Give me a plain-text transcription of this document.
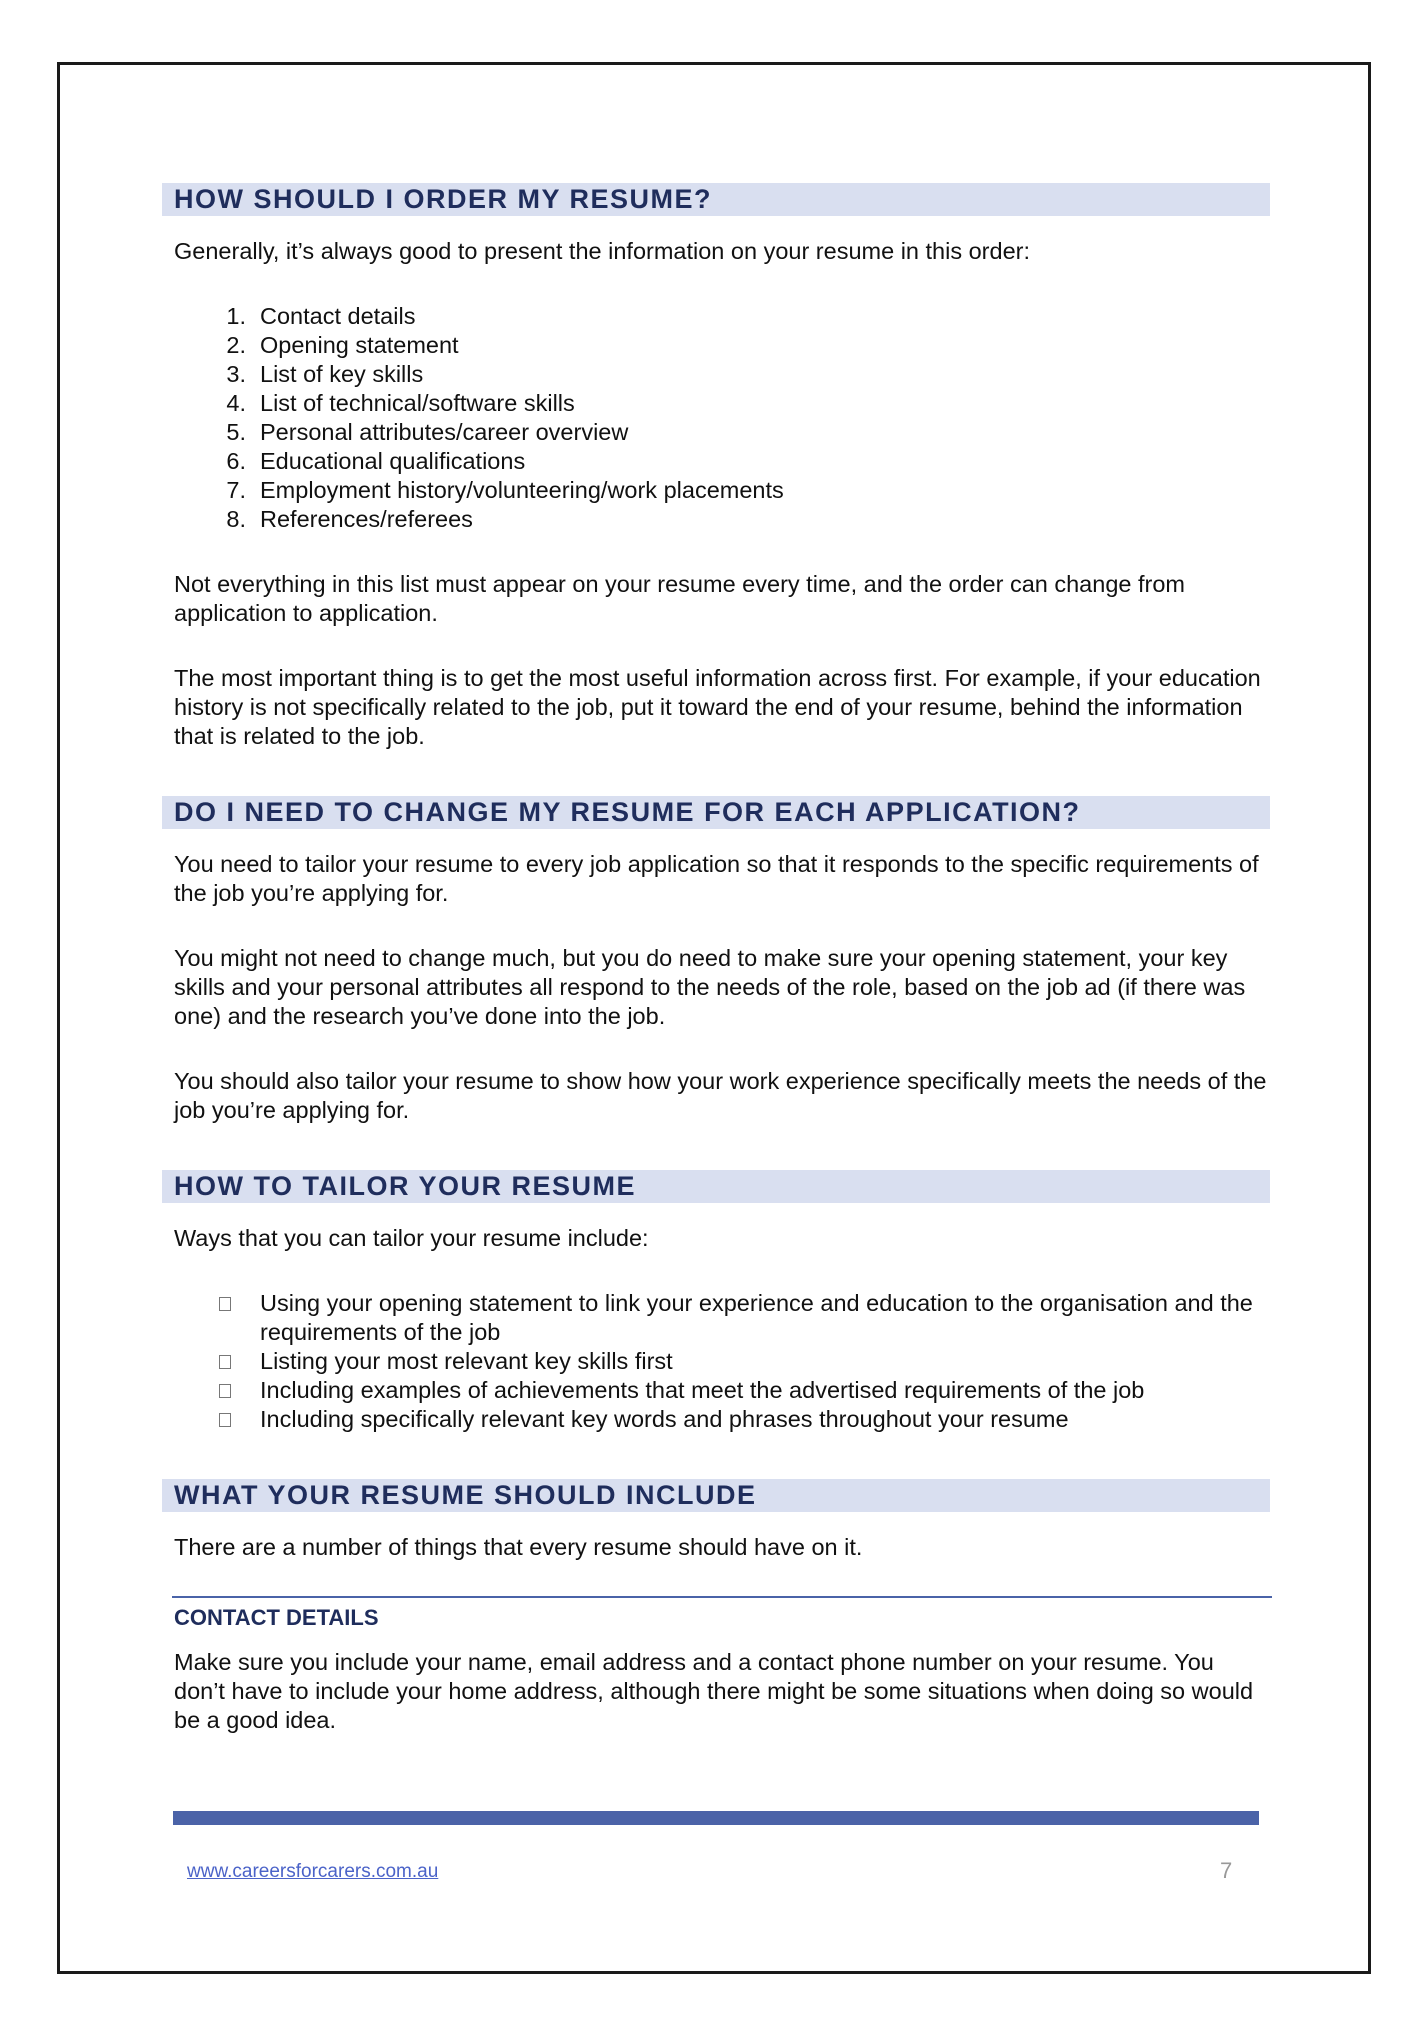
HOW SHOULD I ORDER MY RESUME?

Generally, it’s always good to present the information on your resume in this order:

1. Contact details
2. Opening statement
3. List of key skills
4. List of technical/software skills
5. Personal attributes/career overview
6. Educational qualifications
7. Employment history/volunteering/work placements
8. References/referees

Not everything in this list must appear on your resume every time, and the order can change from application to application.

The most important thing is to get the most useful information across first. For example, if your education history is not specifically related to the job, put it toward the end of your resume, behind the information that is related to the job.

DO I NEED TO CHANGE MY RESUME FOR EACH APPLICATION?

You need to tailor your resume to every job application so that it responds to the specific requirements of the job you’re applying for.

You might not need to change much, but you do need to make sure your opening statement, your key skills and your personal attributes all respond to the needs of the role, based on the job ad (if there was one) and the research you’ve done into the job.

You should also tailor your resume to show how your work experience specifically meets the needs of the job you’re applying for.

HOW TO TAILOR YOUR RESUME

Ways that you can tailor your resume include:

Using your opening statement to link your experience and education to the organisation and the requirements of the job
Listing your most relevant key skills first
Including examples of achievements that meet the advertised requirements of the job
Including specifically relevant key words and phrases throughout your resume
WHAT YOUR RESUME SHOULD INCLUDE

There are a number of things that every resume should have on it.

CONTACT DETAILS

Make sure you include your name, email address and a contact phone number on your resume. You don’t have to include your home address, although there might be some situations when doing so would be a good idea.

www.careersforcarers.com.au	7
